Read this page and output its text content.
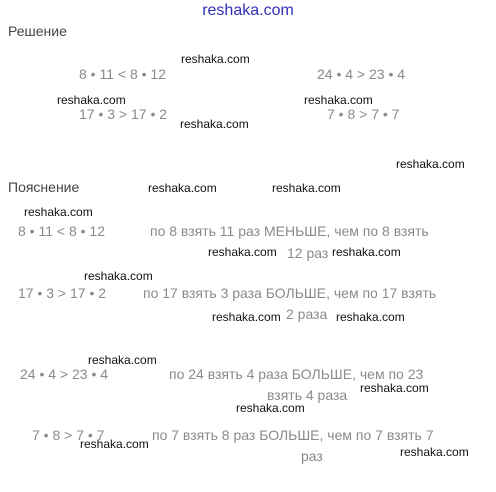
reshaka.com
Решение
8 • 11 < 8 • 12	24 • 4 > 23 • 4
17 • 3 > 17 • 2	7 • 8 > 7 • 7
Пояснение
8 • 11 < 8 • 12	по 8 взять 11 раз МЕНЬШЕ, чем по 8 взять
12 раз
17 • 3 > 17 • 2	по 17 взять 3 раза БОЛЬШЕ, чем по 17 взять
2 раза
24 • 4 > 23 • 4	по 24 взять 4 раза БОЛЬШЕ, чем по 23
взять 4 раза
7 • 8 > 7 • 7	по 7 взять 8 раз БОЛЬШЕ, чем по 7 взять 7
раз
reshaka.com
reshaka.com	reshaka.com
reshaka.com
reshaka.com
reshaka.com	reshaka.com
reshaka.com
reshaka.com	reshaka.com
reshaka.com
reshaka.com	reshaka.com
reshaka.com
reshaka.com
reshaka.com
reshaka.com
reshaka.com
